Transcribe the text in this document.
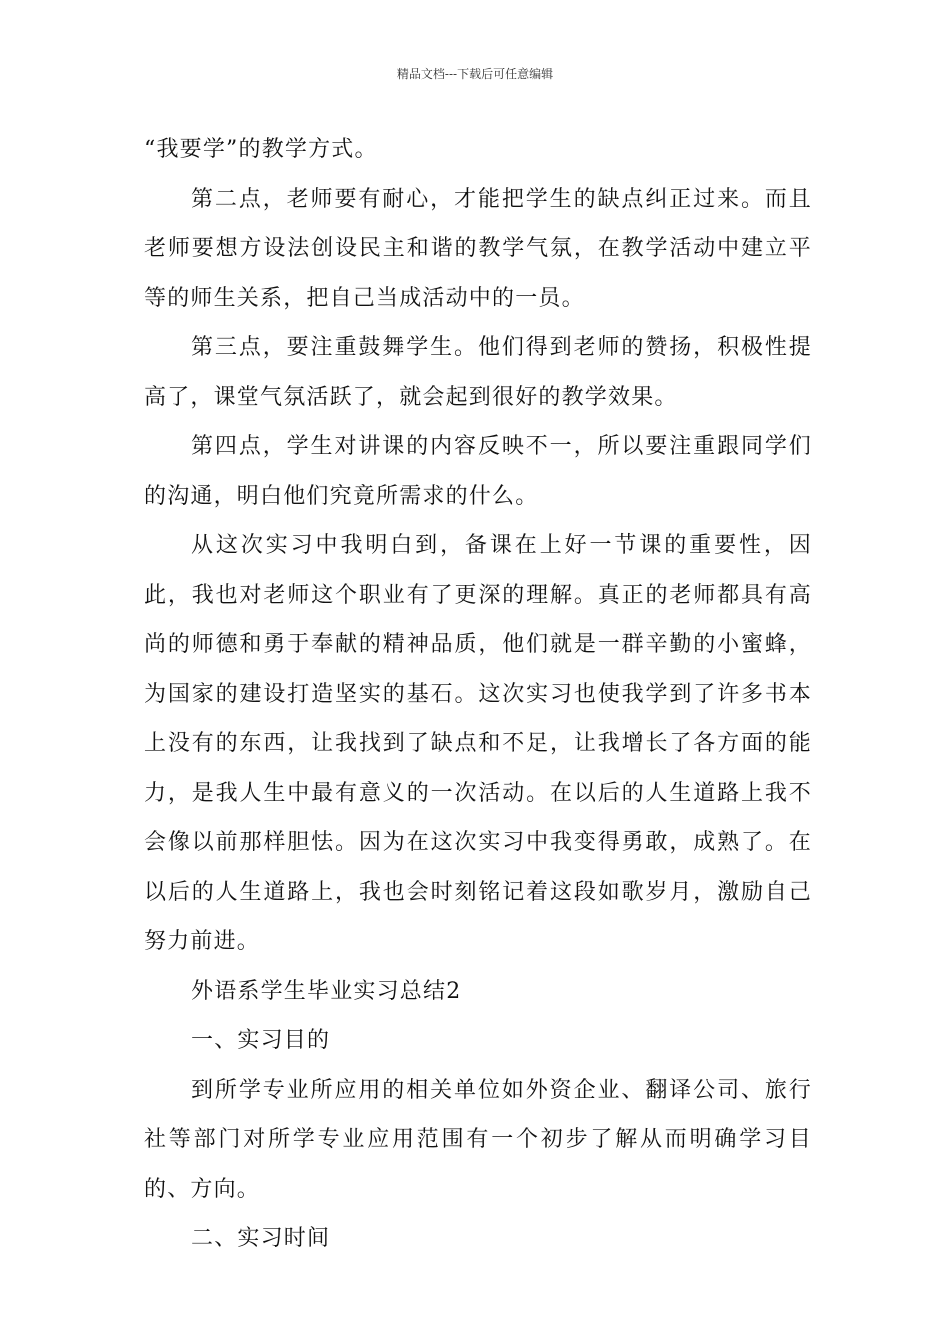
精品文档---下载后可任意编辑

“我要学”的教学方式。

第二点，老师要有耐心，才能把学生的缺点纠正过来。而且老师要想方设法创设民主和谐的教学气氛，在教学活动中建立平等的师生关系，把自己当成活动中的一员。

第三点，要注重鼓舞学生。他们得到老师的赞扬，积极性提高了，课堂气氛活跃了，就会起到很好的教学效果。

第四点，学生对讲课的内容反映不一，所以要注重跟同学们的沟通，明白他们究竟所需求的什么。

从这次实习中我明白到，备课在上好一节课的重要性，因此，我也对老师这个职业有了更深的理解。真正的老师都具有高尚的师德和勇于奉献的精神品质，他们就是一群辛勤的小蜜蜂，为国家的建设打造坚实的基石。这次实习也使我学到了许多书本上没有的东西，让我找到了缺点和不足，让我增长了各方面的能力，是我人生中最有意义的一次活动。在以后的人生道路上我不会像以前那样胆怯。因为在这次实习中我变得勇敢，成熟了。在以后的人生道路上，我也会时刻铭记着这段如歌岁月，激励自己努力前进。

外语系学生毕业实习总结2

一、实习目的

到所学专业所应用的相关单位如外资企业、翻译公司、旅行社等部门对所学专业应用范围有一个初步了解从而明确学习目的、方向。

二、实习时间
